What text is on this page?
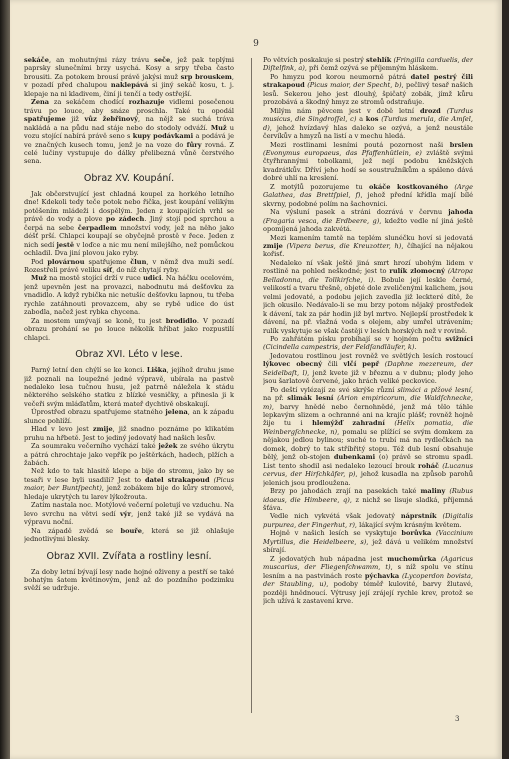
9

sekáče, an mohutnými rázy trávu seče, jež pak teplými paprsky slunečními brzy usychá. Kosy a srpy třeba často brousiti. Za potokem brousí právě jakýsi muž srp brouskem, v pozadí před chalupou naklepává si jiný sekáč kosu, t. j. klepaje na ni kladivem, činí ji tenčí a tedy ostřejší.

Zena za sekáčem chodící rozhazuje vidlemi posečenou trávu po louce, aby snáze proschla. Také tu opodál spatřujeme již vůz žebřinový, na nějž se suchá tráva nakládá a na půdu nad stáje nebo do stodoly odváží. Muž u vozu stojící nabírá právě seno s kupy podávkami a podává je ve značných kusech tomu, jenž je na voze do fůry rovná. Z celé lučiny vystupuje do dálky přelibezná vůně čerstvého sena.

Obraz XV. Koupání.

Jak občerstvující jest chladná koupel za horkého letního dne! Kdekoli tedy teče potok nebo řička, jest koupání velikým potěšením mládeži i dospělým. Jeden z koupajících vrhl se právě do vody a plove po zádech. Jiný stojí pod sprchou a čerpá na sebe čerpadlem množství vody, jež na něho jako déšť prší. Chlapci koupají se obyčejně prostě v řece. Jeden z nich sedí jestě v loďce a nic mu není milejšího, než pomůckou ochladil. Dva jiní plovou jako ryby.

Pod plovárnou spatřujeme člun, v němž dva muži sedí. Rozestřeli právě veliku síť, do níž chytají ryby.

Muž na mostě stojící drží v ruce udici. Na háčku ocelovém, jenž upevněn jest na provazci, nabodnutu má dešťovku za vnadidlo. A když rybička nic netušíc dešťovku lapnou, tu třeba rychle zatáhnouti provazcem, aby se rybě udice do úst zabodla, načež jest rybka chycena.

Za mostem umývají se koně, tu jest brodidlo. V pozadí obrazu prohání se po louce několik hříbat jako rozpustilí chlapci.

Obraz XVI. Léto v lese.

Parný letní den chýlí se ke konci. Liška, jejíhož druhu jsme již poznali na loupežné jedné výpravě, ubírala na pastvě nedaleko lesa tučnou husu, jež patrně náležela k stádu některého selského statku z blízké vesničky, a přinesla ji k večeři svým mláďatům, která mateř dychtivě obskakují.

Úprostřed obrazu spatřujeme statného jelena, an k západu slunce pohlíží.

Hlad v levo jest zmije, již snadno poznáme po klikatém pruhu na hřbetě. Jest to jediný jedovatý had našich lesův.

Za soumraku večerního vychází také ježek ze svého úkrytu a pátrá chrochtaje jako vepřík po ještěrkách, hadech, plžích a žabách.

Než kdo to tak hlasitě klepe a bije do stromu, jako by se tesaři v lese byli usadili? Jest to datel strakapoud (Picus maior, ber Buntſpecht), jenž zobákem bije do kůry stromové, hledaje ukrytých tu larev lýkožrouta.

Zatím nastala noc. Motýlové večerní poletují ve vzduchu. Na levo svrchu na větvi sedí výr, jenž také již se vydává na výpravu noční.

Na západě zvědá se bouře, která se již ohlašuje jednotlivými blesky.

Obraz XVII. Zvířata a rostliny lesní.

Za doby letní bývají lesy nade hojné oživeny a pestří se také bohatým šatem květinovým, jenž až do pozdního podzimku svěží se udržuje.

Po větvích poskakuje si pestrý stehlík (Fringilla carduelis, der Diſtelfink, a), při čemž ozývá se příjemným hláskem.

Po hmyzu pod korou neumorně pátrá datel pestrý čili strakapoud (Picus maior, der Specht, b), pečlivý tesař našich lesů. Sekerou jeho jest dlouhý, špičatý zobák, jímž kůru prozobává a škodný hmyz ze stromů odstraňuje.

Milým nám pěvcem jest v době letní drozd (Turdus musicus, die Singdroſſel, c) a kos (Turdus merula, die Amſel, d), jehož hvízdavý hlas daleko se ozývá, a jenž neustále červíkův a hmyzů na listí a v mechu hledá.

Mezi rostlinami lesními poutá pozornost naši brslen (Evonymus europaeus, das Pfaffenhütlein, e) zvláště svými čtyřhrannými tobolkami, jež nejí podobu kněžských kvadrátkův. Dříví jeho hodí se soustružníkům a spáleno dává dobré uhlí na kreslení.

Z motýlů pozorujeme tu okáče kostkovaného (Arge Galathea, das Brettſpiel, f), jehož přední křídla mají bílé skvrny, podobné polím na šachovnici.

Na výsluní pasek a stráni dozrává v červnu jahoda (Fragaria vesca, die Erdbeere, g), kdežto vedle ní jiná ještě opomíjená jahoda zakvétá.

Mezi kamením tamtě na teplém slunéčku hoví si jedovatá zmije (Vipera berus, die Kreuzotter, h), číhající na nějakou kořisť.

Nedaleko ní však ještě jiná smrt hrozí ubohým lidem v rostlině na pohled neškodné; jest to rulík zlomocný (Atropa Belladonna, die Tollkirſche, i). Bobule její leskle černé, velikostí a tvaru třešně, objeté dole zveličenými kalichem, jsou velmi jedovaté, a podobu jejich zavedla již leckteré dítě, že jich okusilo. Nedávalo-li se mu brzy potom nějaký prostředek k dávení, tak za pár hodin již byl mrtvo. Nejlepší prostředek k dávení, na př. vlažná voda s olejem, aby umřel utrávením; rulík vyskytuje se však častěji v lesích horských než v rovině.

Po zahřátém písku probíhají se v hojném počtu svižníci (Cicindella campestris, der Feldſandläufer, k).

Jedovatou rostlinou jest rovněž ve světlých lesích rostoucí lýkovec obecný čili vlčí pepř (Daphne mezereum, der Seidelbaſt, l), jenž kvete již v březnu a v dubnu; plody jeho jsou šarlatově červené, jako hrách veliké peckovice.

Po deští vylézají ze své skrýše různí slimáci a plžové lesní, na př. slimák lesní (Arion empiricorum, die Waldſchnecke, m), barvy hnědé nebo černohnědé, jenž má tělo táhle lepkavým slizem a ochranné ani na krajíc plášť; rovněž hojně žije tu i hlemýžď zahradní (Helix pomatia, die Weinbergſchnecke, n), pomalu se plížící se svým domkem za nějakou jedlou bylinou; suché to trubí má na rydlečkách na domek, dobrý to tak stříbřitý stopu. Též dub lesní obsahuje bělý, jenž ob-stojen dubenkami (o) právě se stromu spadl. List tento shodil asi nedaleko lezoucí brouk roháč (Lucanus cervus, der Hirſchkäfer, p), jehož kusadla na způsob parohů jelenich jsou prodloužena.

Brzy po jahodách zrají na pasekách také maliny (Rubus idaeus, die Himbeere, q), z nichž se lisuje sladká, příjemná šťáva.

Vedle nich vykvétá však jedovatý náprstník (Digitalis purpurea, der Fingerhut, r), lákající svým krásným květem.

Hojně v našich lesích se vyskytuje borůvka (Vaccinium Myrtillus, die Heidelbeere, s), jež dává u velikém množství sbírají.

Z jedovatých hub nápadna jest muchomůrka (Agaricus muscarius, der Fliegenſchwamm, t), s níž spolu ve stínu lesním a na pastvinách roste pýchavka (Lycoperdon bovista, der Staubling, u), podoby téměř kulovité, barvy žlutavé, později hnědnoucí. Výtrusy její zrájejí rychle krev, protož se jich užívá k zastavení krve.

3
